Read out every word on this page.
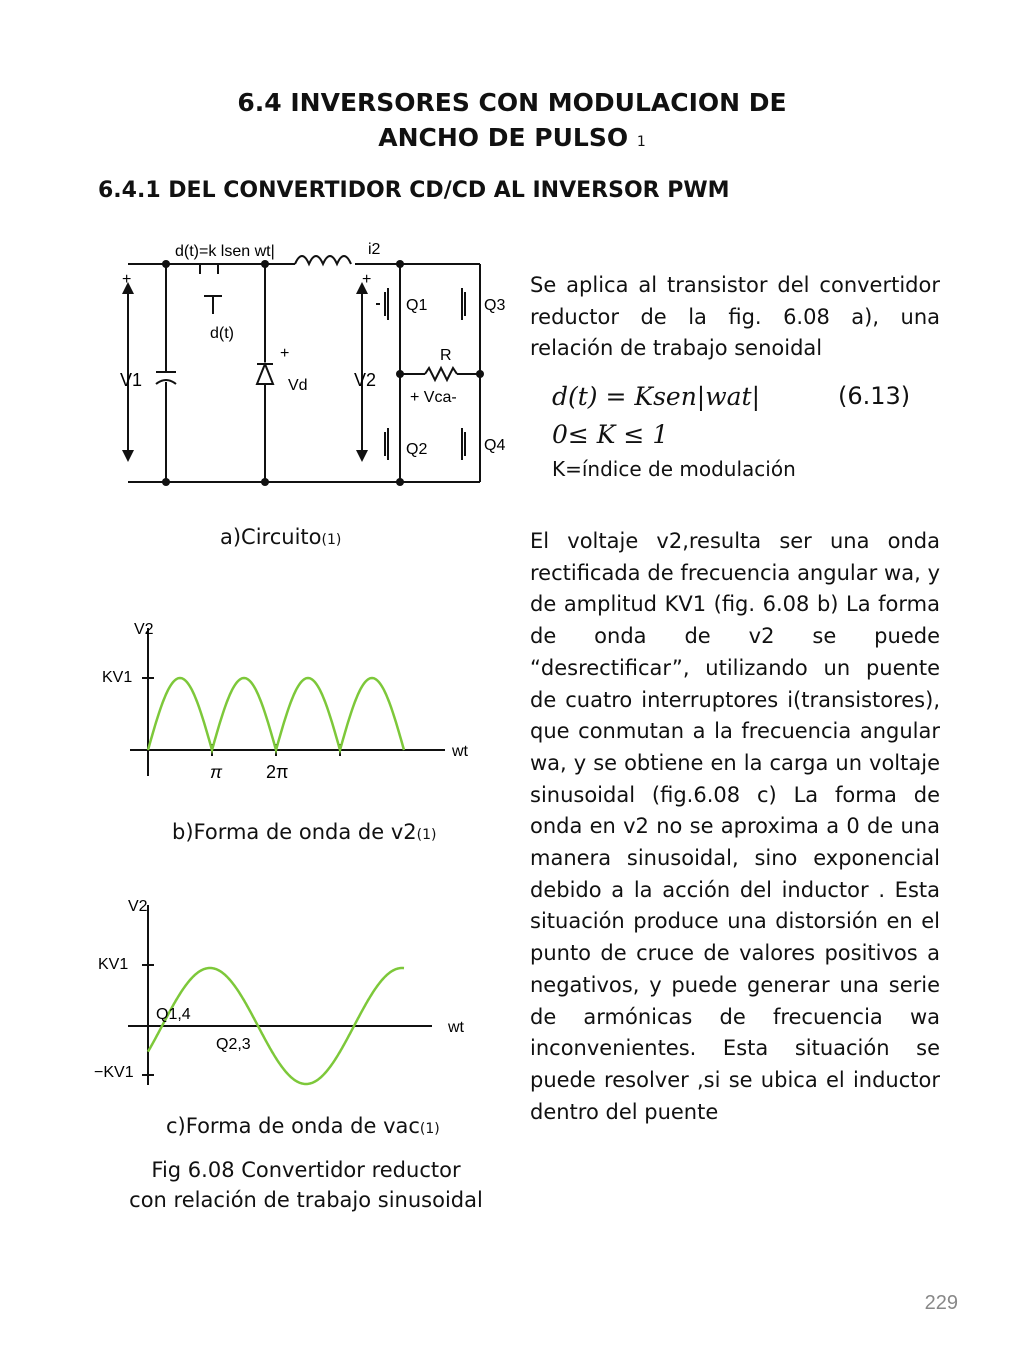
6.4 INVERSORES CON MODULACION DE
ANCHO DE PULSO 1
6.4.1 DEL CONVERTIDOR CD/CD AL INVERSOR PWM
d(t)=k lsen wt|	i2
d(t)
V1	Vd	V2
Q1	Q3
Q2	Q4
R
+ Vca-
+
+
+
a)Circuito(1)
Se aplica al transistor del convertidor reductor de la fig. 6.08 a), una relación de trabajo senoidal
d(t) = Ksen|wat|	(6.13)
0≤ K ≤ 1
K=índice de modulación
El voltaje v2,resulta ser una onda rectificada de frecuencia angular wa, y de amplitud KV1 (fig. 6.08 b) La forma de onda de v2 se puede “desrectificar”, utilizando un puente de cuatro interruptores i(transistores), que conmutan a la frecuencia angular wa, y se obtiene en la carga un voltaje sinusoidal (fig.6.08 c) La forma de onda en v2 no se aproxima a 0 de una manera sinusoidal, sino exponencial debido a la acción del inductor . Esta situación produce una distorsión en el punto de cruce de valores positivos a negativos, y puede generar una serie de armónicas de frecuencia wa inconvenientes. Esta situación se puede resolver ,si se ubica el inductor dentro del puente
V2
KV1
π 2π
wt
b)Forma de onda de v2(1)
V2
KV1
−KV1
Q1,4
Q2,3
wt
c)Forma de onda de vac(1)
Fig 6.08 Convertidor reductor
con relación de trabajo sinusoidal
229
